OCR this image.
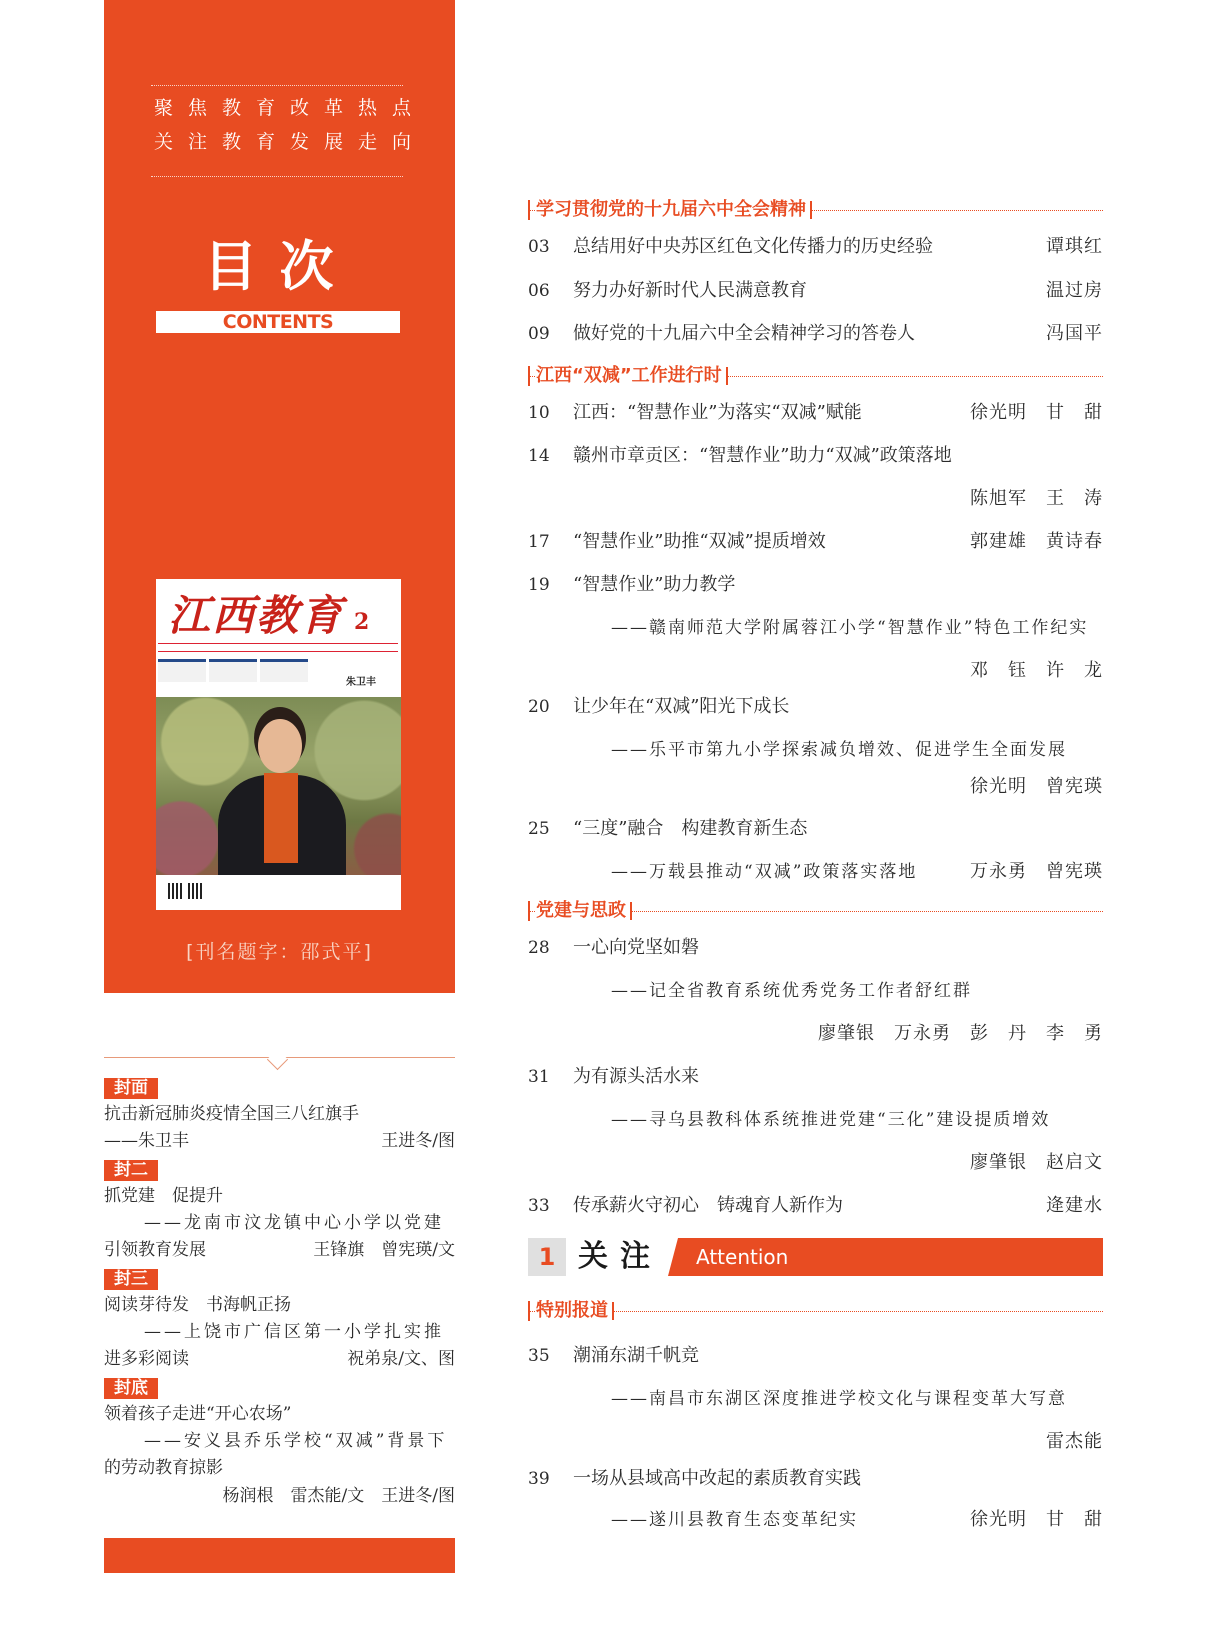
聚焦教育改革热点
关注教育发展走向
目次
CONTENTS
江西教育 2
朱卫丰
[刊名题字：邵式平]
封面
抗击新冠肺炎疫情全国三八红旗手
——朱卫丰	王进冬/图
封二
抓党建　促提升
——龙南市汶龙镇中心小学以党建
引领教育发展	王锋旗　曾宪瑛/文
封三
阅读芽待发　书海帆正扬
——上饶市广信区第一小学扎实推
进多彩阅读	祝弟泉/文、图
封底
领着孩子走进“开心农场”
——安义县乔乐学校“双减”背景下
的劳动教育掠影
杨润根　雷杰能/文　王进冬/图
学习贯彻党的十九届六中全会精神
江西“双减”工作进行时
党建与思政
特别报道
03 总结用好中央苏区红色文化传播力的历史经验	谭琪红
06 努力办好新时代人民满意教育	温过房
09 做好党的十九届六中全会精神学习的答卷人	冯国平
10 江西：“智慧作业”为落实“双减”赋能	徐光明　甘　甜
14 赣州市章贡区：“智慧作业”助力“双减”政策落地
陈旭军　王　涛
17 “智慧作业”助推“双减”提质增效	郭建雄　黄诗春
19 “智慧作业”助力教学
——赣南师范大学附属蓉江小学“智慧作业”特色工作纪实
邓　钰　许　龙
20 让少年在“双减”阳光下成长
——乐平市第九小学探索减负增效、促进学生全面发展
徐光明　曾宪瑛
25 “三度”融合　构建教育新生态
——万载县推动“双减”政策落实落地	万永勇　曾宪瑛
28 一心向党坚如磐
——记全省教育系统优秀党务工作者舒红群
廖肇银　万永勇　彭　丹　李　勇
31 为有源头活水来
——寻乌县教科体系统推进党建“三化”建设提质增效
廖肇银　赵启文
33 传承薪火守初心　铸魂育人新作为	逄建水
1 关注 Attention
35 潮涌东湖千帆竞
——南昌市东湖区深度推进学校文化与课程变革大写意
雷杰能
39 一场从县域高中改起的素质教育实践
——遂川县教育生态变革纪实	徐光明　甘　甜
